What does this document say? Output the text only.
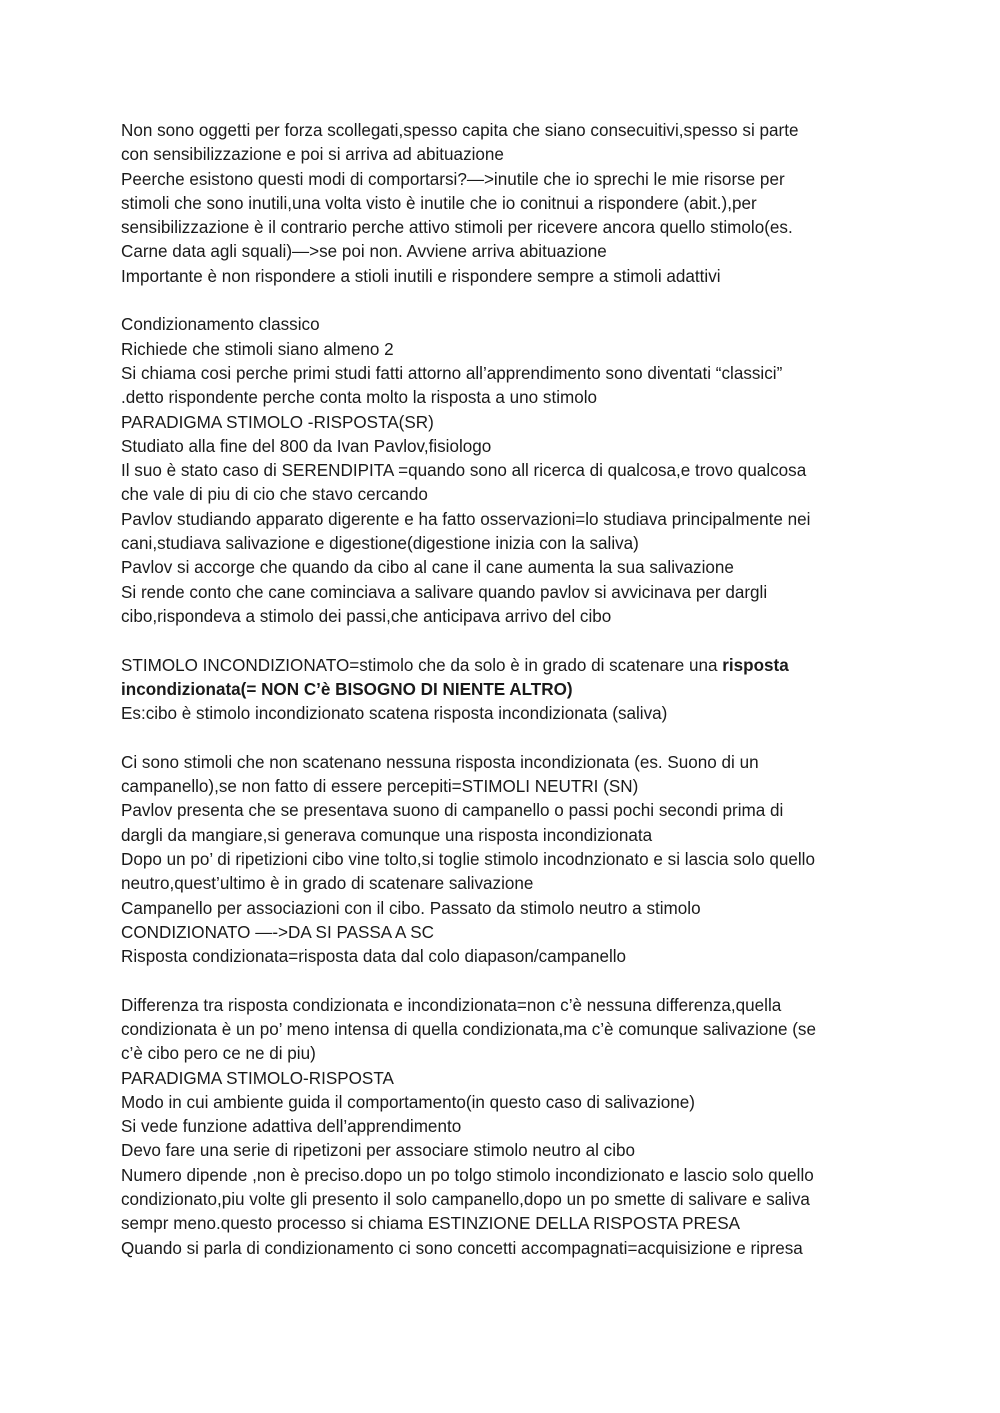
Non sono oggetti per forza scollegati,spesso capita che siano consecuitivi,spesso si parte
con sensibilizzazione e poi si arriva ad abituazione
Peerche esistono questi modi di comportarsi?—>inutile che io sprechi le mie risorse per
stimoli che sono inutili,una volta visto è inutile che io conitnui a rispondere (abit.),per
sensibilizzazione è il contrario perche attivo stimoli per ricevere ancora quello stimolo(es.
Carne data agli squali)—>se poi non. Avviene arriva abituazione
Importante è non rispondere a stioli inutili e rispondere sempre a stimoli adattivi
Condizionamento classico
Richiede che stimoli siano almeno 2
Si chiama cosi perche primi studi fatti attorno all’apprendimento sono diventati “classici”
.detto rispondente perche conta molto la risposta a uno stimolo
PARADIGMA STIMOLO -RISPOSTA(SR)
Studiato alla fine del 800 da Ivan Pavlov,fisiologo
Il suo è stato caso di SERENDIPITA =quando sono all ricerca di qualcosa,e trovo qualcosa
che vale di piu di cio che stavo cercando
Pavlov studiando apparato digerente e ha fatto osservazioni=lo studiava principalmente nei
cani,studiava salivazione e digestione(digestione inizia con la saliva)
Pavlov si accorge che quando da cibo al cane il cane aumenta la sua salivazione
Si rende conto che cane cominciava a salivare quando pavlov si avvicinava per dargli
cibo,rispondeva a stimolo dei passi,che anticipava arrivo del cibo
STIMOLO INCONDIZIONATO=stimolo che da solo è in grado di scatenare una risposta
incondizionata(= NON C’è BISOGNO DI NIENTE ALTRO)
Es:cibo è stimolo incondizionato scatena risposta incondizionata (saliva)
Ci sono stimoli che non scatenano nessuna risposta incondizionata (es. Suono di un
campanello),se non fatto di essere percepiti=STIMOLI NEUTRI (SN)
Pavlov presenta che se presentava suono di campanello o passi pochi secondi prima di
dargli da mangiare,si generava comunque una risposta incondizionata
Dopo un po’ di ripetizioni cibo vine tolto,si toglie stimolo incodnzionato e si lascia solo quello
neutro,quest’ultimo è in grado di scatenare salivazione
Campanello per associazioni con il cibo. Passato da stimolo neutro a stimolo
CONDIZIONATO —->DA SI PASSA A SC
Risposta condizionata=risposta data dal colo diapason/campanello
Differenza tra risposta condizionata e incondizionata=non c’è nessuna differenza,quella
condizionata è un po’ meno intensa di quella condizionata,ma c’è comunque salivazione (se
c’è cibo pero ce ne di piu)
PARADIGMA STIMOLO-RISPOSTA
Modo in cui ambiente guida il comportamento(in questo caso di salivazione)
Si vede funzione adattiva dell’apprendimento
Devo fare una serie di ripetizoni per associare stimolo neutro al cibo
Numero dipende ,non è preciso.dopo un po tolgo stimolo incondizionato e lascio solo quello
condizionato,piu volte gli presento il solo campanello,dopo un po smette di salivare e saliva
sempr meno.questo processo si chiama ESTINZIONE DELLA RISPOSTA PRESA
Quando si parla di condizionamento ci sono concetti accompagnati=acquisizione e ripresa
